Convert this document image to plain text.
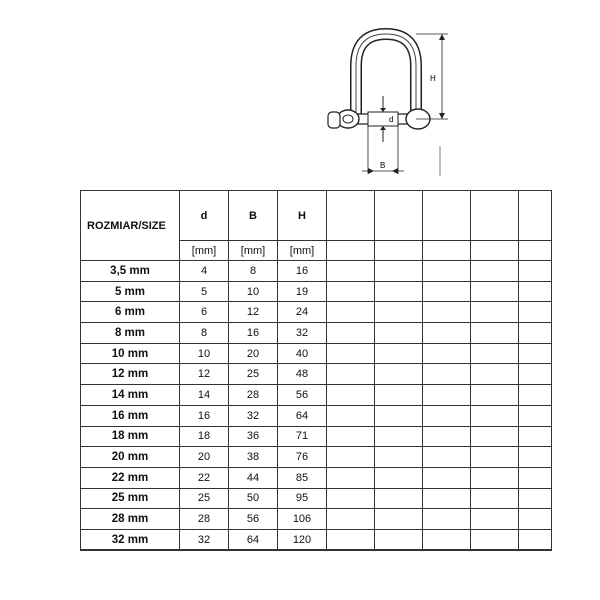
d
H
B
ROZMIAR/SIZE	d	B	H					
	[mm]	[mm]	[mm]					
3,5 mm	4	8	16					
5 mm	5	10	19					
6 mm	6	12	24					
8 mm	8	16	32					
10 mm	10	20	40					
12 mm	12	25	48					
14 mm	14	28	56					
16 mm	16	32	64					
18 mm	18	36	71					
20 mm	20	38	76					
22 mm	22	44	85					
25 mm	25	50	95					
28 mm	28	56	106					
32 mm	32	64	120					
